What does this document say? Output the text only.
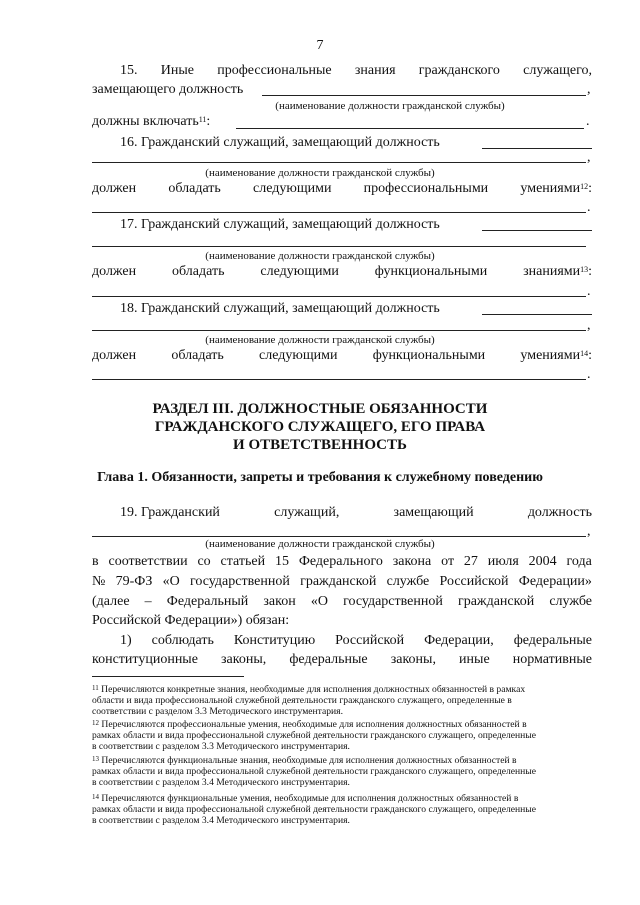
7
15. Иные профессиональные знания гражданского служащего,
замещающего должность	,
(наименование должности гражданской службы)
должны включать$^{11}$:	.
16. Гражданский служащий, замещающий должность
,
(наименование должности гражданской службы)
должен обладать следующими профессиональными умениями$^{12}$:
.
17. Гражданский служащий, замещающий должность
(наименование должности гражданской службы)
должен	обладать	следующими	функциональными	знаниями$^{13}$:
.
18. Гражданский служащий, замещающий должность
,
(наименование должности гражданской службы)
должен	обладать	следующими	функциональными	умениями$^{14}$:
.
РАЗДЕЛ III. ДОЛЖНОСТНЫЕ ОБЯЗАННОСТИ
ГРАЖДАНСКОГО СЛУЖАЩЕГО, ЕГО ПРАВА
И ОТВЕТСТВЕННОСТЬ
Глава 1. Обязанности, запреты и требования к служебному поведению
19. Гражданский	служащий,	замещающий	должность
,
(наименование должности гражданской службы)
в соответствии со статьей 15 Федерального закона от 27 июля 2004 года
№ 79-ФЗ «О государственной гражданской службе Российской Федерации»
(далее – Федеральный закон «О государственной гражданской службе
Российской Федерации») обязан:
1) соблюдать Конституцию Российской Федерации, федеральные
конституционные законы, федеральные законы, иные нормативные
$^{11}$ Перечисляются конкретные знания, необходимые для исполнения должностных обязанностей в рамках
области и вида профессиональной служебной деятельности гражданского служащего, определенные в
соответствии с разделом 3.3 Методического инструментария.
$^{12}$ Перечисляются профессиональные умения, необходимые для исполнения должностных обязанностей в
рамках области и вида профессиональной служебной деятельности гражданского служащего, определенные
в соответствии с разделом 3.3 Методического инструментария.
$^{13}$ Перечисляются функциональные знания, необходимые для исполнения должностных обязанностей в
рамках области и вида профессиональной служебной деятельности гражданского служащего, определенные
в соответствии с разделом 3.4 Методического инструментария.
$^{14}$ Перечисляются функциональные умения, необходимые для исполнения должностных обязанностей в
рамках области и вида профессиональной служебной деятельности гражданского служащего, определенные
в соответствии с разделом 3.4 Методического инструментария.
